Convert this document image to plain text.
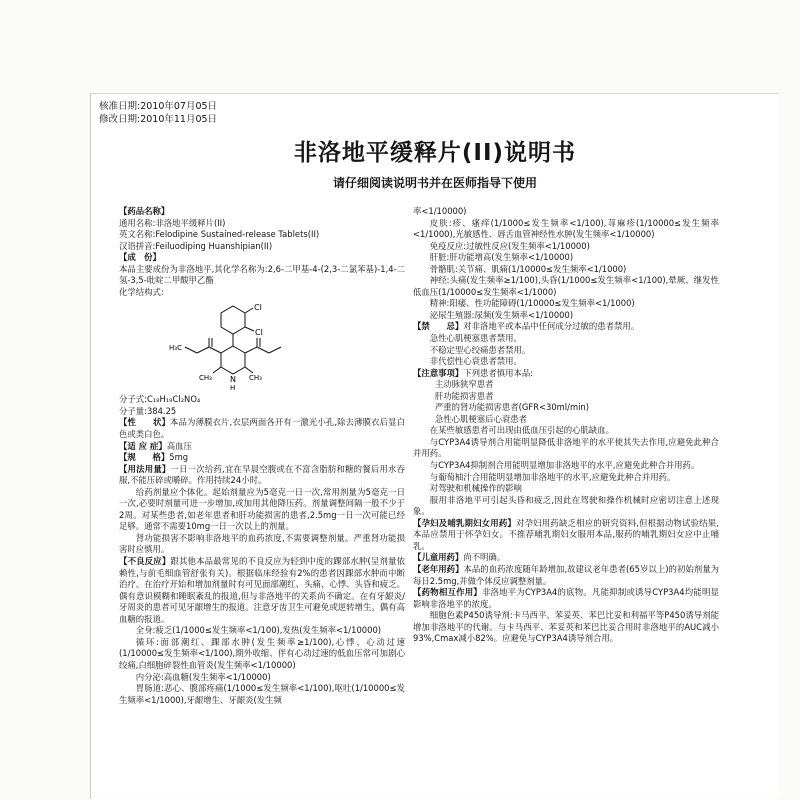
核准日期:2010年07月05日
修改日期:2010年11月05日
非洛地平缓释片(II)说明书
请仔细阅读说明书并在医师指导下使用

【药品名称】

通用名称:非洛地平缓释片(II)

英文名称:Felodipine Sustained-release Tablets(II)

汉语拼音:Feiluodiping Huanshipian(II)

【成　份】

本品主要成份为非洛地平,其化学名称为:2,6-二甲基-4-(2,3-二氯苯基)-1,4-二氢-3,5-吡啶二甲酸甲乙酯

化学结构式:

Cl
Cl
H₃C
CH₃	CH₃
N
H

分子式:C₁₈H₁₉Cl₂NO₄

分子量:384.25

【性　　状】本品为薄膜衣片,衣层两面各开有一激光小孔,除去薄膜衣后显白色或类白色。

【适 应 症】高血压

【规　　格】5mg

【用法用量】一日一次给药,宜在早晨空腹或在不富含脂肪和糖的餐后用水吞服,不能压碎或嚼碎。作用持续24小时。

给药剂量应个体化。起始剂量应为5毫克一日一次,常用剂量为5毫克一日一次,必要时剂量可进一步增加,或加用其他降压药。剂量调整间隔一般不少于2周。对某些患者,如老年患者和肝功能损害的患者,2.5mg一日一次可能已经足够。通常不需要10mg一日一次以上的剂量。

肾功能损害不影响非洛地平的血药浓度,不需要调整剂量。严重肾功能损害时应慎用。

【不良反应】跟其他本品最常见的不良反应为轻到中度的踝部水肿(呈剂量依赖性,与前毛细血管舒张有关)。根据临床经验有2%的患者因踝部水肿而中断治疗。在治疗开始和增加剂量时有可见面部潮红、头痛、心悸、头昏和疲乏。偶有意识模糊和睡眠紊乱的报道,但与非洛地平的关系尚不确定。在有牙龈炎/牙周炎的患者可见牙龈增生的报道。注意牙齿卫生可避免或逆转增生。偶有高血糖的报道。

全身:疲乏(1/1000≤发生频率<1/100),发热(发生频率<1/10000)

循环:面部潮红、踝部水肿(发生频率≥1/100),心悸、心动过速(1/10000≤发生频率<1/100),期外收缩、伴有心动过速的低血压常可加剧心绞痛,白细胞碎裂性血管炎(发生频率<1/10000)

内分泌:高血糖(发生频率<1/10000)

胃肠道:恶心、腹部疼痛(1/1000≤发生频率<1/100),呕吐(1/10000≤发生频率<1/1000),牙龈增生、牙龈炎(发生频

率<1/10000)

皮肤:疹、瘙痒(1/1000≤发生频率<1/100),荨麻疹(1/10000≤发生频率<1/1000),光敏感性、唇舌血管神经性水肿(发生频率<1/10000)

免疫反应:过敏性反应(发生频率<1/10000)

肝脏:肝功能增高(发生频率<1/10000)

骨骼肌:关节痛、肌痛(1/10000≤发生频率<1/1000)

神经:头痛(发生频率≥1/100),头昏(1/1000≤发生频率<1/100),晕厥、继发性低血压(1/10000≤发生频率<1/1000)

精神:阳痿、性功能障碍(1/10000≤发生频率<1/1000)

泌尿生殖器:尿频(发生频率<1/10000)

【禁　　忌】对非洛地平或本品中任何成分过敏的患者禁用。

急性心肌梗塞患者禁用。

不稳定型心绞痛患者禁用。

非代偿性心衰患者禁用。

【注意事项】下列患者慎用本品:

主动脉狭窄患者

肝功能损害患者

严重的肾功能损害患者(GFR<30ml/min)

急性心肌梗塞后心衰患者

在某些敏感患者可出现由低血压引起的心肌缺血。

与CYP3A4诱导剂合用能明显降低非洛地平的水平使其失去作用,应避免此种合并用药。

与CYP3A4抑制剂合用能明显增加非洛地平的水平,应避免此种合并用药。

与葡萄柚汁合用能明显增加非洛地平的水平,应避免此种合并用药。

对驾驶和机械操作的影响

服用非洛地平可引起头昏和疲乏,因此在驾驶和操作机械时应密切注意上述现象。

【孕妇及哺乳期妇女用药】对孕妇用药缺乏相应的研究资料,但根据动物试验结果,本品应禁用于怀孕妇女。不推荐哺乳期妇女服用本品,服药的哺乳期妇女应中止哺乳。

【儿童用药】尚不明确。

【老年用药】本品的血药浓度随年龄增加,故建议老年患者(65岁以上)的初始剂量为每日2.5mg,并做个体反应调整剂量。

【药物相互作用】非洛地平为CYP3A4的底物。凡能抑制或诱导CYP3A4均能明显影响非洛地平的浓度。

细胞色素P450诱导剂:卡马西平、苯妥英、苯巴比妥和利福平等P450诱导剂能增加非洛地平的代谢。与卡马西平、苯妥英和苯巴比妥合用时非洛地平的AUC减小93%,Cmax减小82%。应避免与CYP3A4诱导剂合用。
